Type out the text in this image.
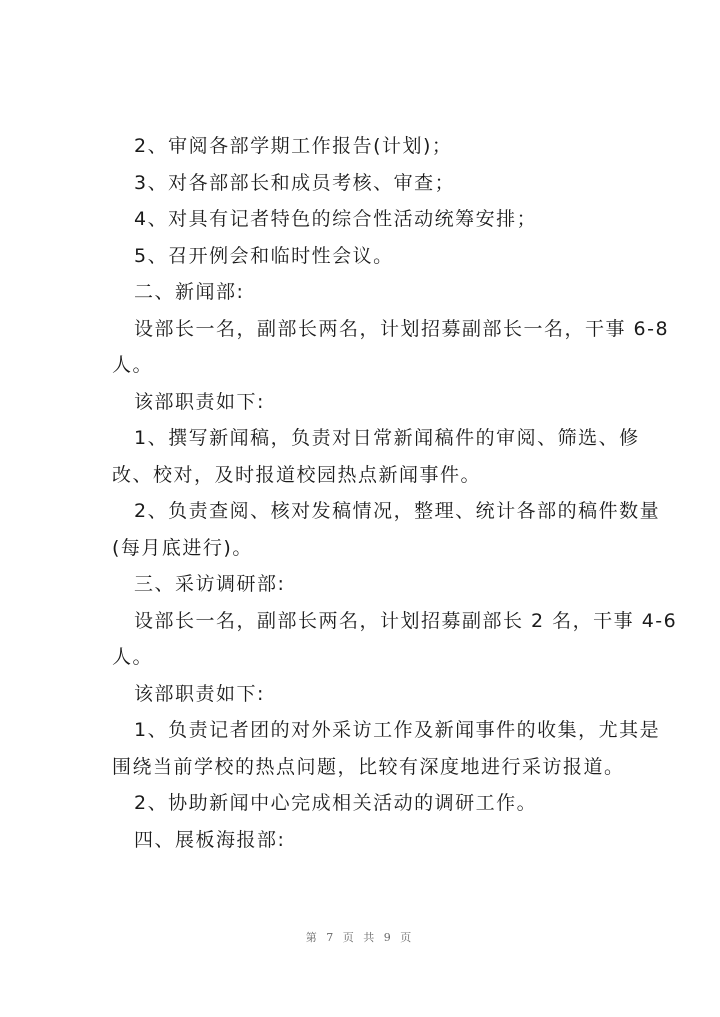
2、审阅各部学期工作报告(计划)；
3、对各部部长和成员考核、审查；
4、对具有记者特色的综合性活动统筹安排；
5、召开例会和临时性会议。
二、新闻部:
设部长一名，副部长两名，计划招募副部长一名，干事 6-8
人。
该部职责如下:
1、撰写新闻稿，负责对日常新闻稿件的审阅、筛选、修
改、校对，及时报道校园热点新闻事件。
2、负责查阅、核对发稿情况，整理、统计各部的稿件数量
(每月底进行)。
三、采访调研部:
设部长一名，副部长两名，计划招募副部长 2 名，干事 4-6
人。
该部职责如下:
1、负责记者团的对外采访工作及新闻事件的收集，尤其是
围绕当前学校的热点问题，比较有深度地进行采访报道。
2、协助新闻中心完成相关活动的调研工作。
四、展板海报部:
第 7 页 共 9 页
